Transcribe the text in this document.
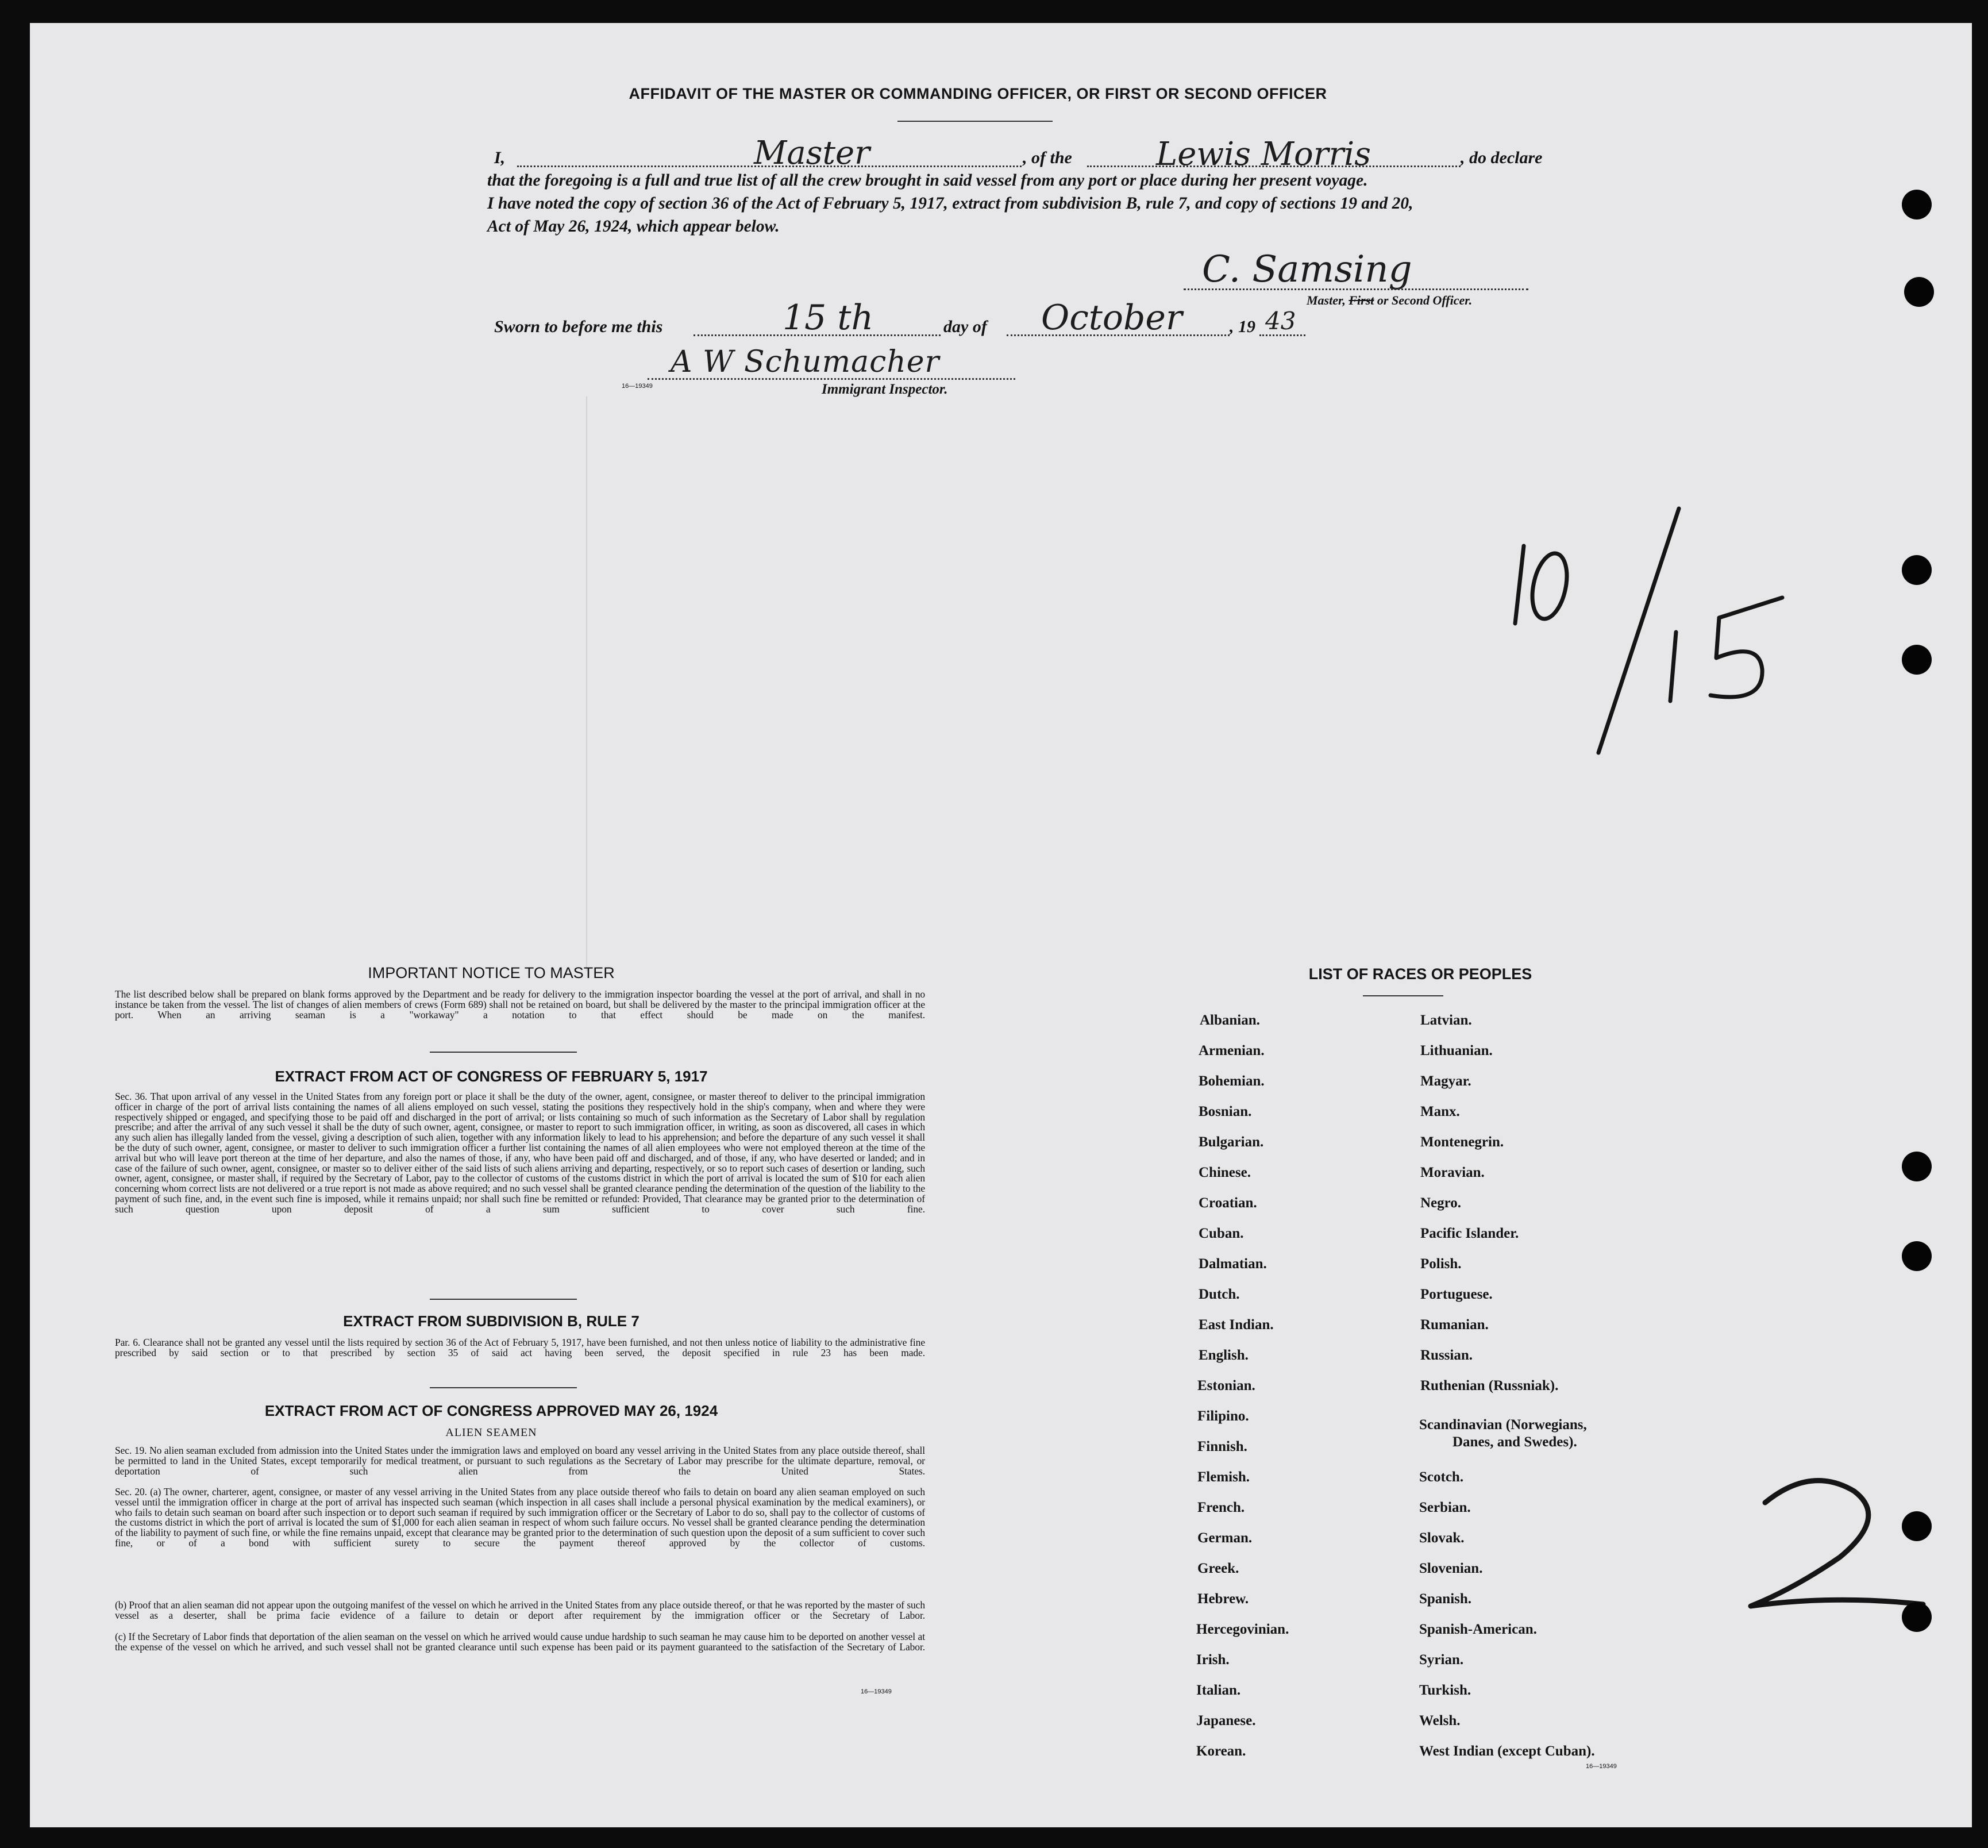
AFFIDAVIT OF THE MASTER OR COMMANDING OFFICER, OR FIRST OR SECOND OFFICER
I,	Master	, of the	Lewis Morris	, do declare
that the foregoing is a full and true list of all the crew brought in said vessel from any port or place during her present voyage.
I have noted the copy of section 36 of the Act of February 5, 1917, extract from subdivision B, rule 7, and copy of sections 19 and 20,
Act of May 26, 1924, which appear below.
C. Samsing
Master, First or Second Officer.
Sworn to before me this	15 th	day of October	, 19 43
A W Schumacher
16—19349	Immigrant Inspector.
IMPORTANT NOTICE TO MASTER
The list described below shall be prepared on blank forms approved by the Department and be ready for delivery to the immigration inspector boarding the vessel at the port of arrival, and shall in no instance be taken from the vessel. The list of changes of alien members of crews (Form 689) shall not be retained on board, but shall be delivered by the master to the principal immigration officer at the port. When an arriving seaman is a "workaway" a notation to that effect should be made on the manifest.
EXTRACT FROM ACT OF CONGRESS OF FEBRUARY 5, 1917
Sec. 36. That upon arrival of any vessel in the United States from any foreign port or place it shall be the duty of the owner, agent, consignee, or master thereof to deliver to the principal immigration officer in charge of the port of arrival lists containing the names of all aliens employed on such vessel, stating the positions they respectively hold in the ship's company, when and where they were respectively shipped or engaged, and specifying those to be paid off and discharged in the port of arrival; or lists containing so much of such information as the Secretary of Labor shall by regulation prescribe; and after the arrival of any such vessel it shall be the duty of such owner, agent, consignee, or master to report to such immigration officer, in writing, as soon as discovered, all cases in which any such alien has illegally landed from the vessel, giving a description of such alien, together with any information likely to lead to his apprehension; and before the departure of any such vessel it shall be the duty of such owner, agent, consignee, or master to deliver to such immigration officer a further list containing the names of all alien employees who were not employed thereon at the time of the arrival but who will leave port thereon at the time of her departure, and also the names of those, if any, who have been paid off and discharged, and of those, if any, who have deserted or landed; and in case of the failure of such owner, agent, consignee, or master so to deliver either of the said lists of such aliens arriving and departing, respectively, or so to report such cases of desertion or landing, such owner, agent, consignee, or master shall, if required by the Secretary of Labor, pay to the collector of customs of the customs district in which the port of arrival is located the sum of $10 for each alien concerning whom correct lists are not delivered or a true report is not made as above required; and no such vessel shall be granted clearance pending the determination of the question of the liability to the payment of such fine, and, in the event such fine is imposed, while it remains unpaid; nor shall such fine be remitted or refunded: Provided, That clearance may be granted prior to the determination of such question upon deposit of a sum sufficient to cover such fine.
EXTRACT FROM SUBDIVISION B, RULE 7
Par. 6. Clearance shall not be granted any vessel until the lists required by section 36 of the Act of February 5, 1917, have been furnished, and not then unless notice of liability to the administrative fine prescribed by said section or to that prescribed by section 35 of said act having been served, the deposit specified in rule 23 has been made.
EXTRACT FROM ACT OF CONGRESS APPROVED MAY 26, 1924
ALIEN SEAMEN
Sec. 19. No alien seaman excluded from admission into the United States under the immigration laws and employed on board any vessel arriving in the United States from any place outside thereof, shall be permitted to land in the United States, except temporarily for medical treatment, or pursuant to such regulations as the Secretary of Labor may prescribe for the ultimate departure, removal, or deportation of such alien from the United States.
Sec. 20. (a) The owner, charterer, agent, consignee, or master of any vessel arriving in the United States from any place outside thereof who fails to detain on board any alien seaman employed on such vessel until the immigration officer in charge at the port of arrival has inspected such seaman (which inspection in all cases shall include a personal physical examination by the medical examiners), or who fails to detain such seaman on board after such inspection or to deport such seaman if required by such immigration officer or the Secretary of Labor to do so, shall pay to the collector of customs of the customs district in which the port of arrival is located the sum of $1,000 for each alien seaman in respect of whom such failure occurs. No vessel shall be granted clearance pending the determination of the liability to payment of such fine, or while the fine remains unpaid, except that clearance may be granted prior to the determination of such question upon the deposit of a sum sufficient to cover such fine, or of a bond with sufficient surety to secure the payment thereof approved by the collector of customs.
(b) Proof that an alien seaman did not appear upon the outgoing manifest of the vessel on which he arrived in the United States from any place outside thereof, or that he was reported by the master of such vessel as a deserter, shall be prima facie evidence of a failure to detain or deport after requirement by the immigration officer or the Secretary of Labor.
(c) If the Secretary of Labor finds that deportation of the alien seaman on the vessel on which he arrived would cause undue hardship to such seaman he may cause him to be deported on another vessel at the expense of the vessel on which he arrived, and such vessel shall not be granted clearance until such expense has been paid or its payment guaranteed to the satisfaction of the Secretary of Labor.
16—19349
LIST OF RACES OR PEOPLES
Albanian.
Armenian.
Bohemian.
Bosnian.
Bulgarian.
Chinese.
Croatian.
Cuban.
Dalmatian.
Dutch.
East Indian.
English.
Estonian.
Filipino.
Finnish.
Flemish.
French.
German.
Greek.
Hebrew.
Hercegovinian.
Irish.
Italian.
Japanese.
Korean.
Latvian.
Lithuanian.
Magyar.
Manx.
Montenegrin.
Moravian.
Negro.
Pacific Islander.
Polish.
Portuguese.
Rumanian.
Russian.
Ruthenian (Russniak).
Scandinavian (Norwegians,
Danes, and Swedes).
Scotch.
Serbian.
Slovak.
Slovenian.
Spanish.
Spanish-American.
Syrian.
Turkish.
Welsh.
West Indian (except Cuban).
16—19349
